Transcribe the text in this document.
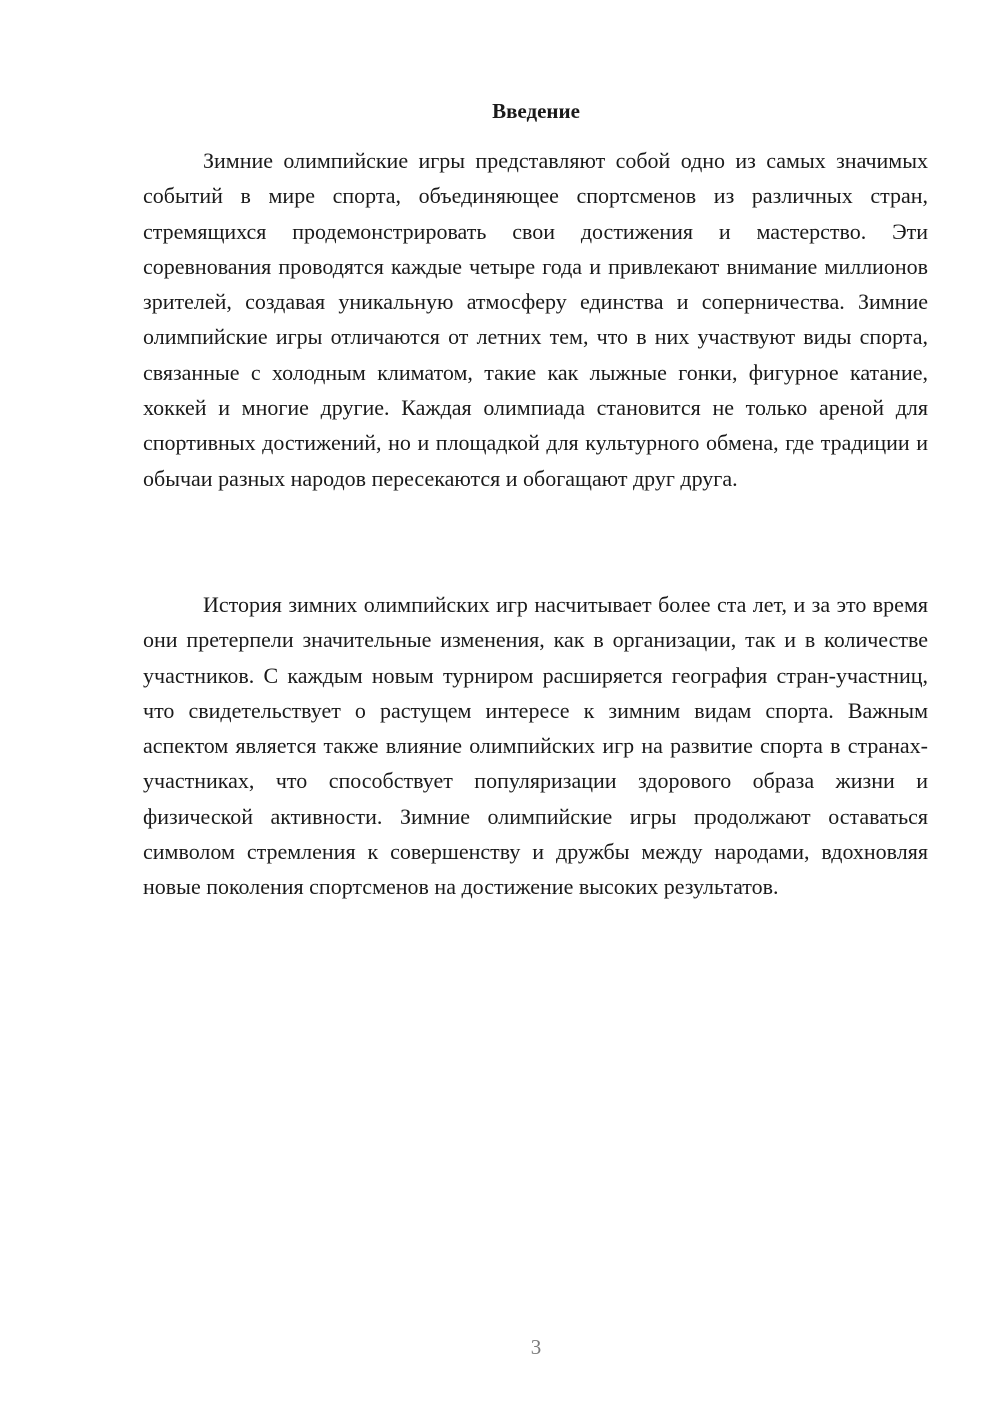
Введение

Зимние олимпийские игры представляют собой одно из самых значимых событий в мире спорта, объединяющее спортсменов из различных стран, стремящихся продемонстрировать свои достижения и мастерство. Эти соревнования проводятся каждые четыре года и привлекают внимание миллионов зрителей, создавая уникальную атмосферу единства и соперничества. Зимние олимпийские игры отличаются от летних тем, что в них участвуют виды спорта, связанные с холодным климатом, такие как лыжные гонки, фигурное катание, хоккей и многие другие. Каждая олимпиада становится не только ареной для спортивных достижений, но и площадкой для культурного обмена, где традиции и обычаи разных народов пересекаются и обогащают друг друга.

История зимних олимпийских игр насчитывает более ста лет, и за это время они претерпели значительные изменения, как в организации, так и в количестве участников. С каждым новым турниром расширяется география стран-участниц, что свидетельствует о растущем интересе к зимним видам спорта. Важным аспектом является также влияние олимпийских игр на развитие спорта в странах-участниках, что способствует популяризации здорового образа жизни и физической активности. Зимние олимпийские игры продолжают оставаться символом стремления к совершенству и дружбы между народами, вдохновляя новые поколения спортсменов на достижение высоких результатов.

3
